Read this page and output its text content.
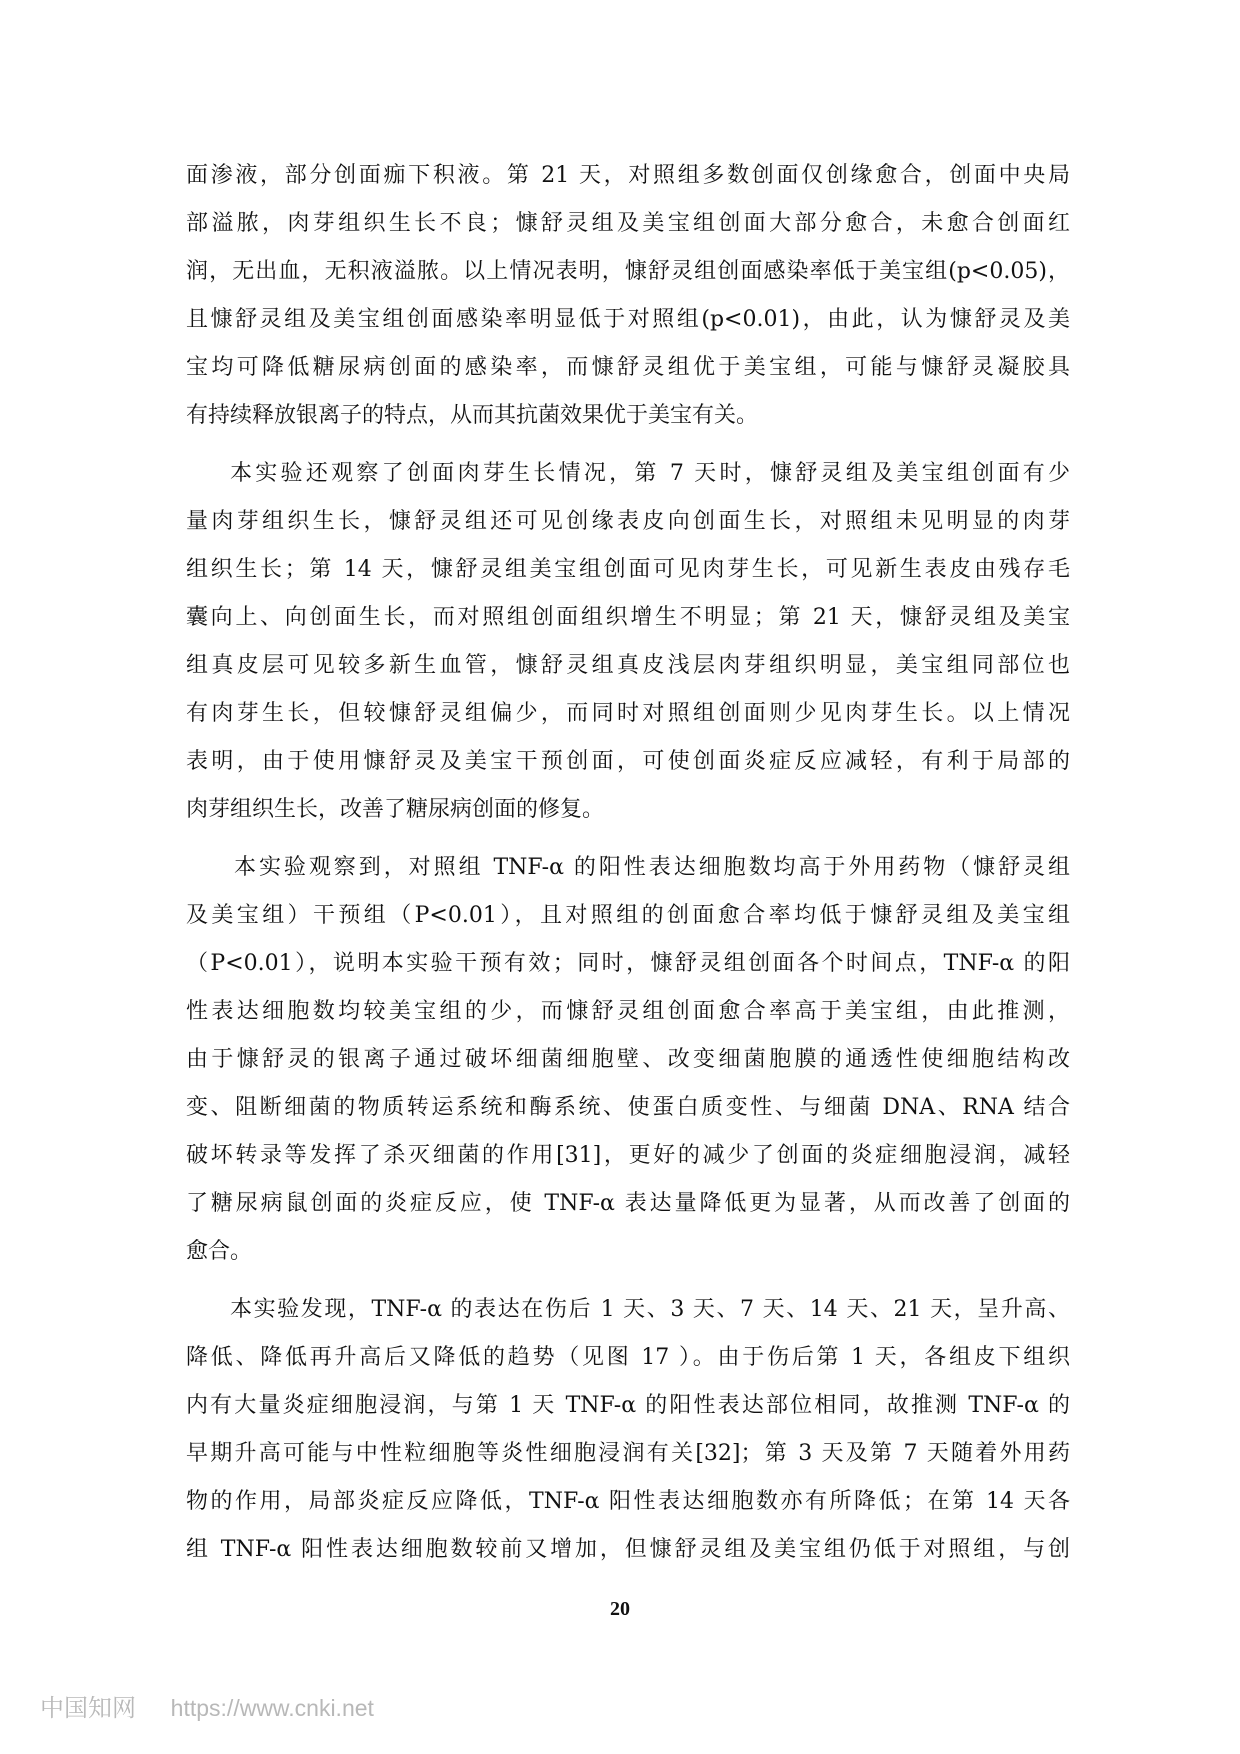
面渗液，部分创面痂下积液。第 21 天，对照组多数创面仅创缘愈合，创面中央局
部溢脓，肉芽组织生长不良；慷舒灵组及美宝组创面大部分愈合，未愈合创面红
润，无出血，无积液溢脓。以上情况表明，慷舒灵组创面感染率低于美宝组(p<0.05)，
且慷舒灵组及美宝组创面感染率明显低于对照组(p<0.01)，由此，认为慷舒灵及美
宝均可降低糖尿病创面的感染率，而慷舒灵组优于美宝组，可能与慷舒灵凝胶具
有持续释放银离子的特点，从而其抗菌效果优于美宝有关。
本实验还观察了创面肉芽生长情况，第 7 天时，慷舒灵组及美宝组创面有少
量肉芽组织生长，慷舒灵组还可见创缘表皮向创面生长，对照组未见明显的肉芽
组织生长；第 14 天，慷舒灵组美宝组创面可见肉芽生长，可见新生表皮由残存毛
囊向上、向创面生长，而对照组创面组织增生不明显；第 21 天，慷舒灵组及美宝
组真皮层可见较多新生血管，慷舒灵组真皮浅层肉芽组织明显，美宝组同部位也
有肉芽生长，但较慷舒灵组偏少，而同时对照组创面则少见肉芽生长。以上情况
表明，由于使用慷舒灵及美宝干预创面，可使创面炎症反应减轻，有利于局部的
肉芽组织生长，改善了糖尿病创面的修复。
本实验观察到，对照组 TNF-α 的阳性表达细胞数均高于外用药物（慷舒灵组
及美宝组）干预组（P<0.01），且对照组的创面愈合率均低于慷舒灵组及美宝组
（P<0.01），说明本实验干预有效；同时，慷舒灵组创面各个时间点，TNF-α 的阳
性表达细胞数均较美宝组的少，而慷舒灵组创面愈合率高于美宝组，由此推测，
由于慷舒灵的银离子通过破坏细菌细胞壁、改变细菌胞膜的通透性使细胞结构改
变、阻断细菌的物质转运系统和酶系统、使蛋白质变性、与细菌 DNA、RNA 结合
破坏转录等发挥了杀灭细菌的作用[31]，更好的减少了创面的炎症细胞浸润，减轻
了糖尿病鼠创面的炎症反应，使 TNF-α 表达量降低更为显著，从而改善了创面的
愈合。
本实验发现，TNF-α 的表达在伤后 1 天、3 天、7 天、14 天、21 天，呈升高、
降低、降低再升高后又降低的趋势（见图 17 ）。由于伤后第 1 天，各组皮下组织
内有大量炎症细胞浸润，与第 1 天 TNF-α 的阳性表达部位相同，故推测 TNF-α 的
早期升高可能与中性粒细胞等炎性细胞浸润有关[32]；第 3 天及第 7 天随着外用药
物的作用，局部炎症反应降低，TNF-α 阳性表达细胞数亦有所降低；在第 14 天各
组 TNF-α 阳性表达细胞数较前又增加，但慷舒灵组及美宝组仍低于对照组，与创
20
中国知网 https://www.cnki.net
